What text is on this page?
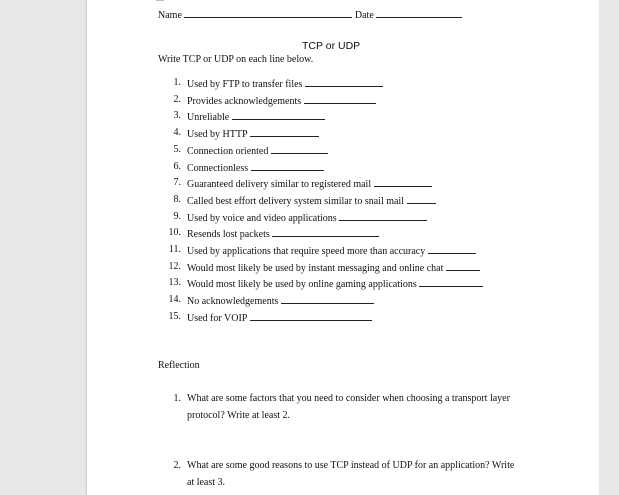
Name	Date
TCP or UDP
Write TCP or UDP on each line below.
1. Used by FTP to transfer files
2. Provides acknowledgements
3. Unreliable
4. Used by HTTP
5. Connection oriented
6. Connectionless
7. Guaranteed delivery similar to registered mail
8. Called best effort delivery system similar to snail mail
9. Used by voice and video applications
10. Resends lost packets
11. Used by applications that require speed more than accuracy
12. Would most likely be used by instant messaging and online chat
13. Would most likely be used by online gaming applications
14. No acknowledgements
15. Used for VOIP
Reflection
1. What are some factors that you need to consider when choosing a transport layer
protocol? Write at least 2.
2. What are some good reasons to use TCP instead of UDP for an application? Write
at least 3.
